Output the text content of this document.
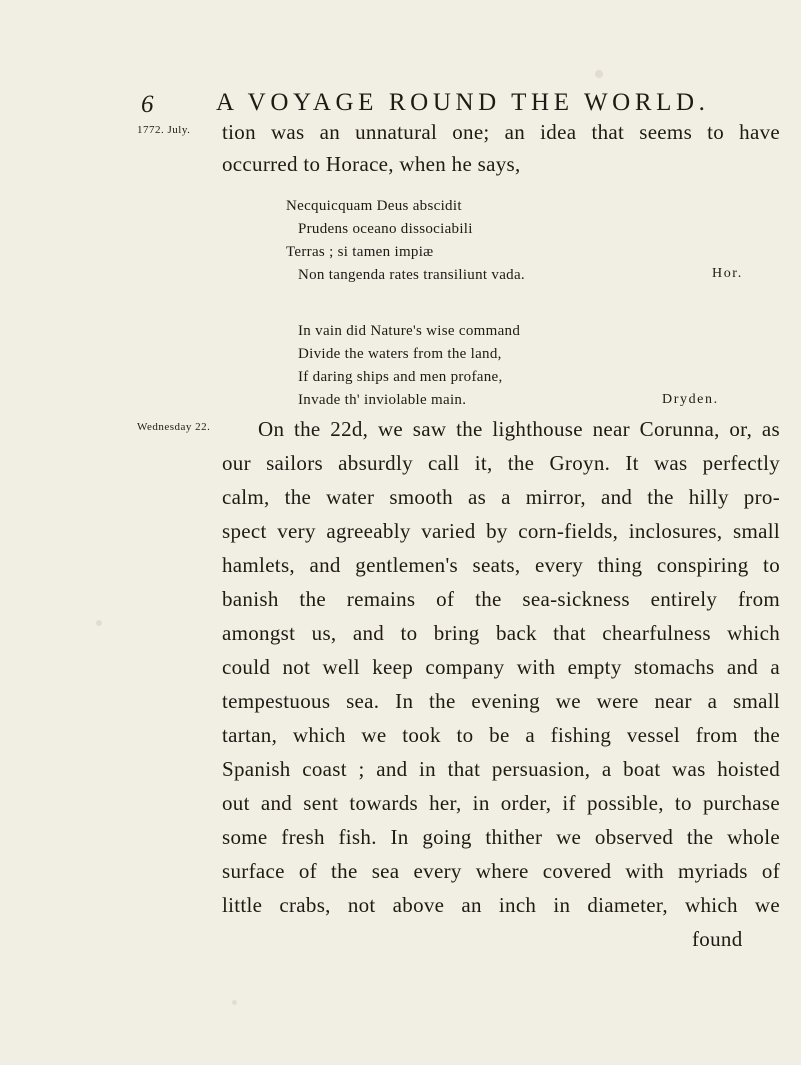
6	A VOYAGE ROUND THE WORLD.
1772. July.
Wednesday 22.
tion was an unnatural one; an idea that seems to have
occurred to Horace, when he says,
Necquicquam Deus abscidit
Prudens oceano dissociabili
Terras ; si tamen impiæ
Non tangenda rates transiliunt vada.	Hor.
In vain did Nature's wise command
Divide the waters from the land,
If daring ships and men profane,
Invade th' inviolable main.	Dryden.
On the 22d, we saw the lighthouse near Corunna, or, as
our sailors absurdly call it, the Groyn. It was perfectly
calm, the water smooth as a mirror, and the hilly pro-
spect very agreeably varied by corn-fields, inclosures, small
hamlets, and gentlemen's seats, every thing conspiring to
banish the remains of the sea-sickness entirely from
amongst us, and to bring back that chearfulness which
could not well keep company with empty stomachs and a
tempestuous sea. In the evening we were near a small
tartan, which we took to be a fishing vessel from the
Spanish coast ; and in that persuasion, a boat was hoisted
out and sent towards her, in order, if possible, to purchase
some fresh fish. In going thither we observed the whole
surface of the sea every where covered with myriads of
little crabs, not above an inch in diameter, which we
found
